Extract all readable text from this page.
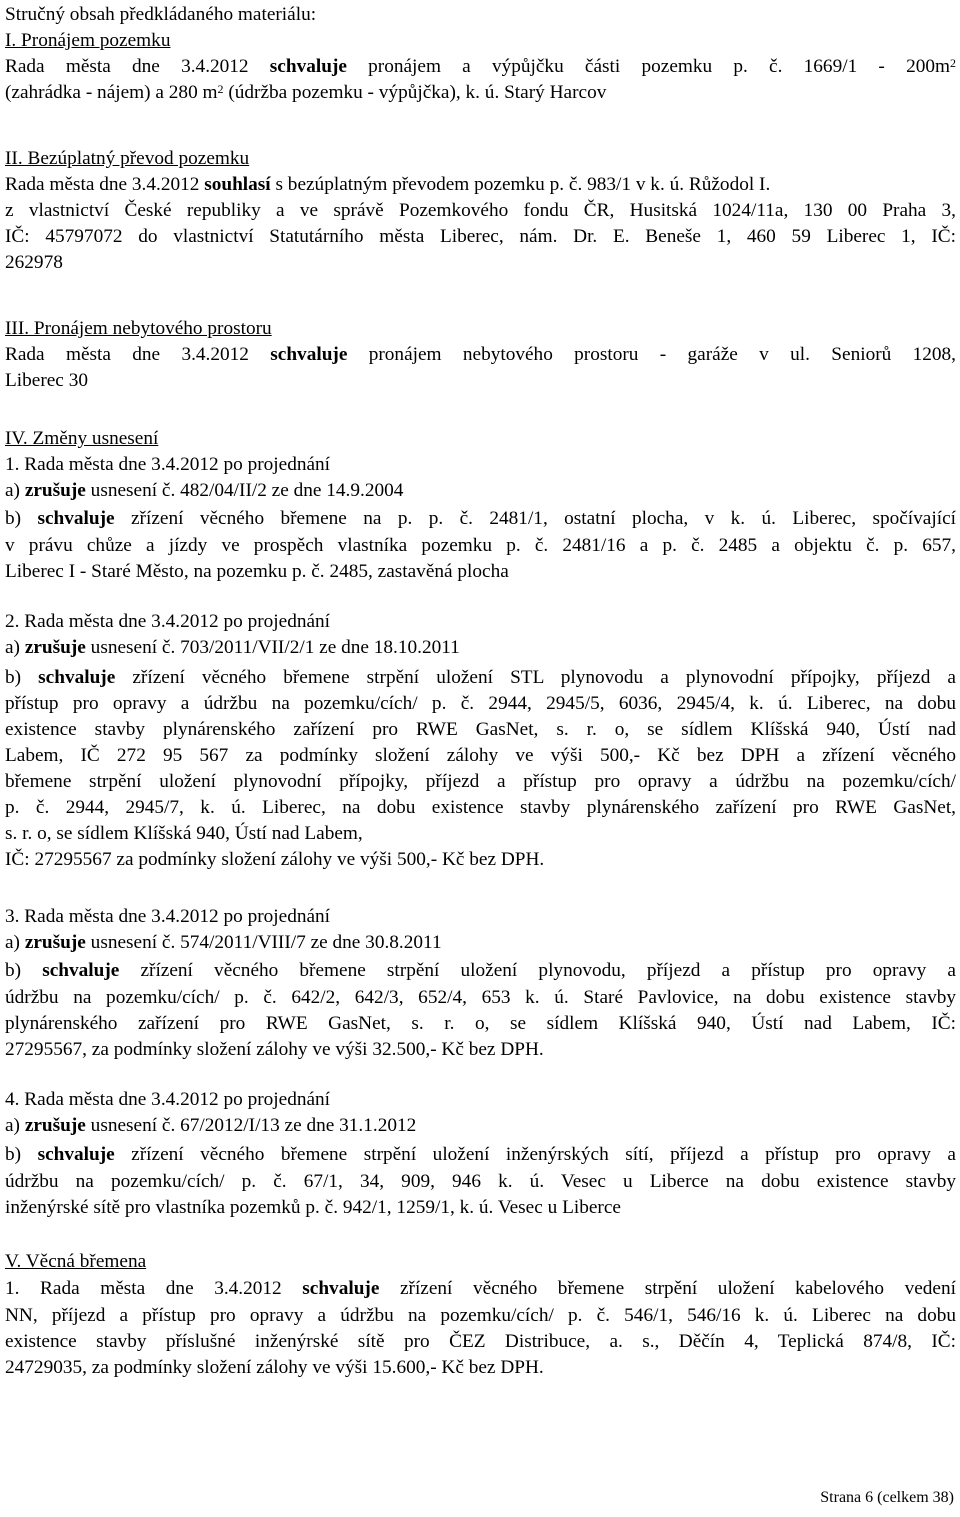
Stručný obsah předkládaného materiálu:
I. Pronájem pozemku
Rada města dne 3.4.2012 schvaluje pronájem a výpůjčku části pozemku p. č. $1669/1 - 200m^2$
(zahrádka - nájem) a 280 $m^2$ (údržba pozemku - výpůjčka), k. ú. Starý Harcov
II. Bezúplatný převod pozemku
Rada města dne 3.4.2012 souhlasí s bezúplatným převodem pozemku p. č. 983/1 v k. ú. Růžodol I.
z vlastnictví České republiky a ve správě Pozemkového fondu ČR, Husitská 1024/11a, 130 00 Praha 3,
IČ: 45797072 do vlastnictví Statutárního města Liberec, nám. Dr. E. Beneše 1, 460 59 Liberec 1, IČ:
262978
III. Pronájem nebytového prostoru
Rada města dne 3.4.2012 schvaluje pronájem nebytového prostoru - garáže v ul. Seniorů 1208,
Liberec 30
IV. Změny usnesení
1. Rada města dne 3.4.2012 po projednání
a) zrušuje usnesení č. 482/04/II/2 ze dne 14.9.2004
b) schvaluje zřízení věcného břemene na p. p. č. 2481/1, ostatní plocha, v k. ú. Liberec, spočívající
v právu chůze a jízdy ve prospěch vlastníka pozemku p. č. 2481/16 a p. č. 2485 a objektu č. p. 657,
Liberec I - Staré Město, na pozemku p. č. 2485, zastavěná plocha
2. Rada města dne 3.4.2012 po projednání
a) zrušuje usnesení č. 703/2011/VII/2/1 ze dne 18.10.2011
b) schvaluje zřízení věcného břemene strpění uložení STL plynovodu a plynovodní přípojky, příjezd a
přístup pro opravy a údržbu na pozemku/cích/ p. č. 2944, 2945/5, 6036, 2945/4, k. ú. Liberec, na dobu
existence stavby plynárenského zařízení pro RWE GasNet, s. r. o, se sídlem Klíšská 940, Ústí nad
Labem, IČ 272 95 567 za podmínky složení zálohy ve výši 500,- Kč bez DPH a zřízení věcného
břemene strpění uložení plynovodní přípojky, příjezd a přístup pro opravy a údržbu na pozemku/cích/
p. č. 2944, 2945/7, k. ú. Liberec, na dobu existence stavby plynárenského zařízení pro RWE GasNet,
s. r. o, se sídlem Klíšská 940, Ústí nad Labem,
IČ: 27295567 za podmínky složení zálohy ve výši 500,- Kč bez DPH.
3. Rada města dne 3.4.2012 po projednání
a) zrušuje usnesení č. 574/2011/VIII/7 ze dne 30.8.2011
b) schvaluje zřízení věcného břemene strpění uložení plynovodu, příjezd a přístup pro opravy a
údržbu na pozemku/cích/ p. č. 642/2, 642/3, 652/4, 653 k. ú. Staré Pavlovice, na dobu existence stavby
plynárenského zařízení pro RWE GasNet, s. r. o, se sídlem Klíšská 940, Ústí nad Labem, IČ:
27295567, za podmínky složení zálohy ve výši 32.500,- Kč bez DPH.
4. Rada města dne 3.4.2012 po projednání
a) zrušuje usnesení č. 67/2012/I/13 ze dne 31.1.2012
b) schvaluje zřízení věcného břemene strpění uložení inženýrských sítí, příjezd a přístup pro opravy a
údržbu na pozemku/cích/ p. č. 67/1, 34, 909, 946 k. ú. Vesec u Liberce na dobu existence stavby
inženýrské sítě pro vlastníka pozemků p. č. 942/1, 1259/1, k. ú. Vesec u Liberce
V. Věcná břemena
1. Rada města dne 3.4.2012 schvaluje zřízení věcného břemene strpění uložení kabelového vedení
NN, příjezd a přístup pro opravy a údržbu na pozemku/cích/ p. č. 546/1, 546/16 k. ú. Liberec na dobu
existence stavby příslušné inženýrské sítě pro ČEZ Distribuce, a. s., Děčín 4, Teplická 874/8, IČ:
24729035, za podmínky složení zálohy ve výši 15.600,- Kč bez DPH.
Strana 6 (celkem 38)
